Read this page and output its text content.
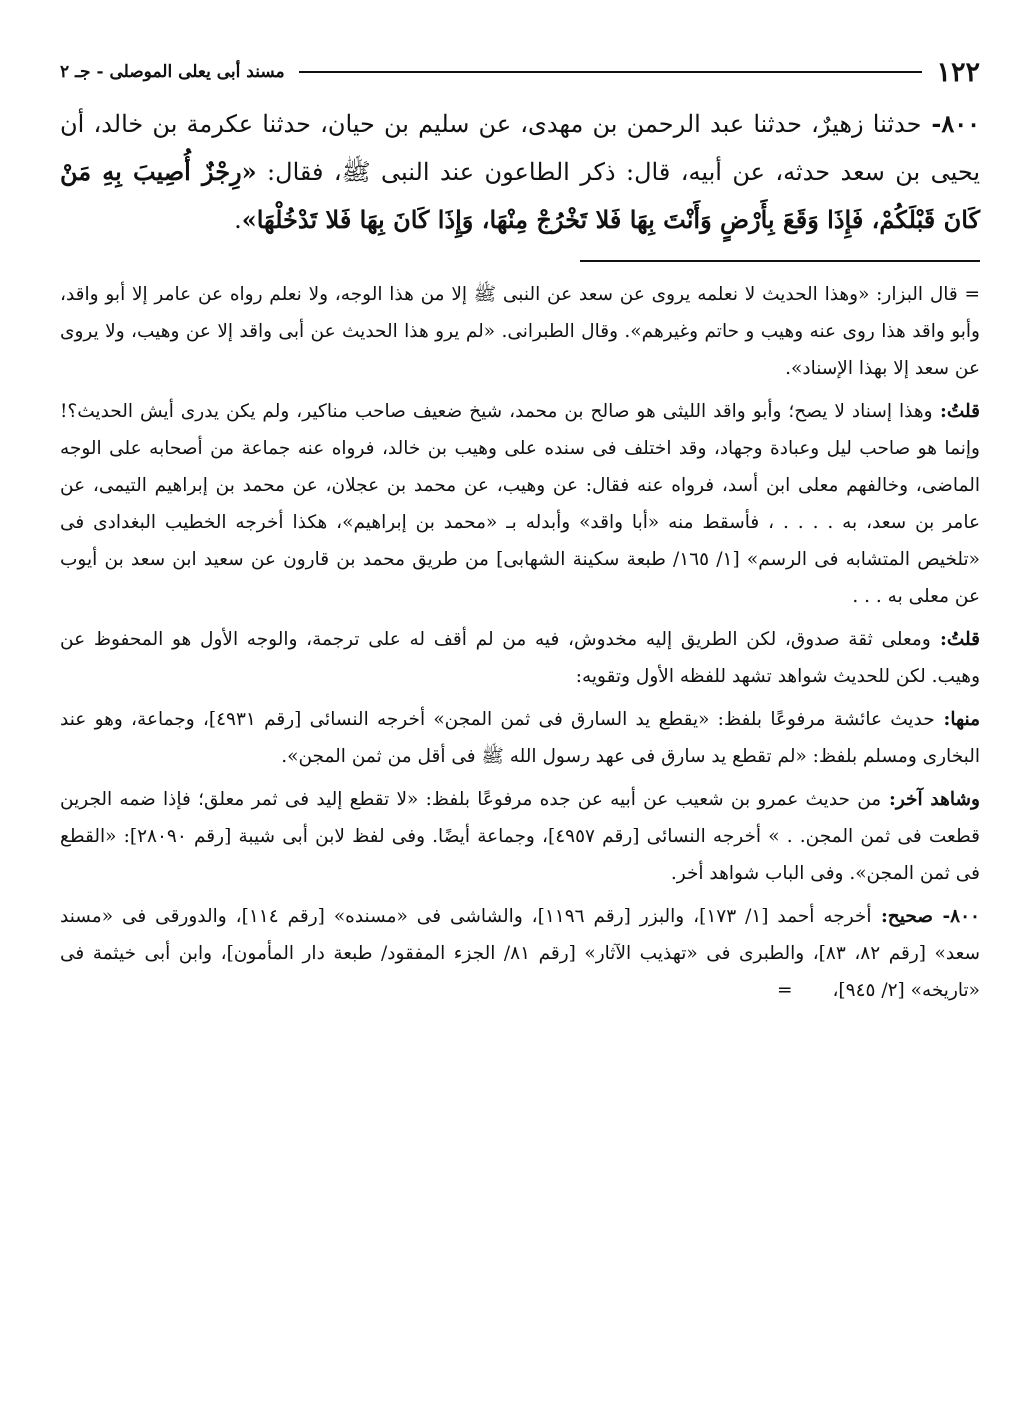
١٢٢
مسند أبى يعلى الموصلى - جـ ٢

٨٠٠- حدثنا زهيرٌ، حدثنا عبد الرحمن بن مهدى، عن سليم بن حيان، حدثنا عكرمة بن خالد، أن يحيى بن سعد حدثه، عن أبيه، قال: ذكر الطاعون عند النبى ﷺ، فقال: «رِجْزٌ أُصِيبَ بِهِ مَنْ كَانَ قَبْلَكُمْ، فَإِذَا وَقَعَ بِأَرْضٍ وَأَنْتَ بِهَا فَلا تَخْرُجْ مِنْهَا، وَإِذَا كَانَ بِهَا فَلا تَدْخُلْهَا».

= قال البزار: «وهذا الحديث لا نعلمه يروى عن سعد عن النبى ﷺ إلا من هذا الوجه، ولا نعلم رواه عن عامر إلا أبو واقد، وأبو واقد هذا روى عنه وهيب و حاتم وغيرهم». وقال الطبرانى. «لم يرو هذا الحديث عن أبى واقد إلا عن وهيب، ولا يروى عن سعد إلا بهذا الإسناد».

قلتُ: وهذا إسناد لا يصح؛ وأبو واقد الليثى هو صالح بن محمد، شيخ ضعيف صاحب مناكير، ولم يكن يدرى أيش الحديث؟! وإنما هو صاحب ليل وعبادة وجهاد، وقد اختلف فى سنده على وهيب بن خالد، فرواه عنه جماعة من أصحابه على الوجه الماضى، وخالفهم معلى ابن أسد، فرواه عنه فقال: عن وهيب، عن محمد بن عجلان، عن محمد بن إبراهيم التيمى، عن عامر بن سعد، به . . . . ، فأسقط منه «أبا واقد» وأبدله بـ «محمد بن إبراهيم»، هكذا أخرجه الخطيب البغدادى فى «تلخيص المتشابه فى الرسم» [١/ ١٦٥/ طبعة سكينة الشهابى] من طريق محمد بن قارون عن سعيد ابن سعد بن أيوب عن معلى به . . .

قلتُ: ومعلى ثقة صدوق، لكن الطريق إليه مخدوش، فيه من لم أقف له على ترجمة، والوجه الأول هو المحفوظ عن وهيب. لكن للحديث شواهد تشهد للفظه الأول وتقويه:

منها: حديث عائشة مرفوعًا بلفظ: «يقطع يد السارق فى ثمن المجن» أخرجه النسائى [رقم ٤٩٣١]، وجماعة، وهو عند البخارى ومسلم بلفظ: «لم تقطع يد سارق فى عهد رسول الله ﷺ فى أقل من ثمن المجن».

وشاهد آخر: من حديث عمرو بن شعيب عن أبيه عن جده مرفوعًا بلفظ: «لا تقطع إليد فى ثمر معلق؛ فإذا ضمه الجرين قطعت فى ثمن المجن. . » أخرجه النسائى [رقم ٤٩٥٧]، وجماعة أيضًا. وفى لفظ لابن أبى شيبة [رقم ٢٨٠٩٠]: «القطع فى ثمن المجن». وفى الباب شواهد أخر.

٨٠٠- صحيح: أخرجه أحمد [١/ ١٧٣]، والبزر [رقم ١١٩٦]، والشاشى فى «مسنده» [رقم ١١٤]، والدورقى فى «مسند سعد» [رقم ٨٢، ٨٣]، والطبرى فى «تهذيب الآثار» [رقم ٨١/ الجزء المفقود/ طبعة دار المأمون]، وابن أبى خيثمة فى «تاريخه» [٢/ ٩٤٥]،=
